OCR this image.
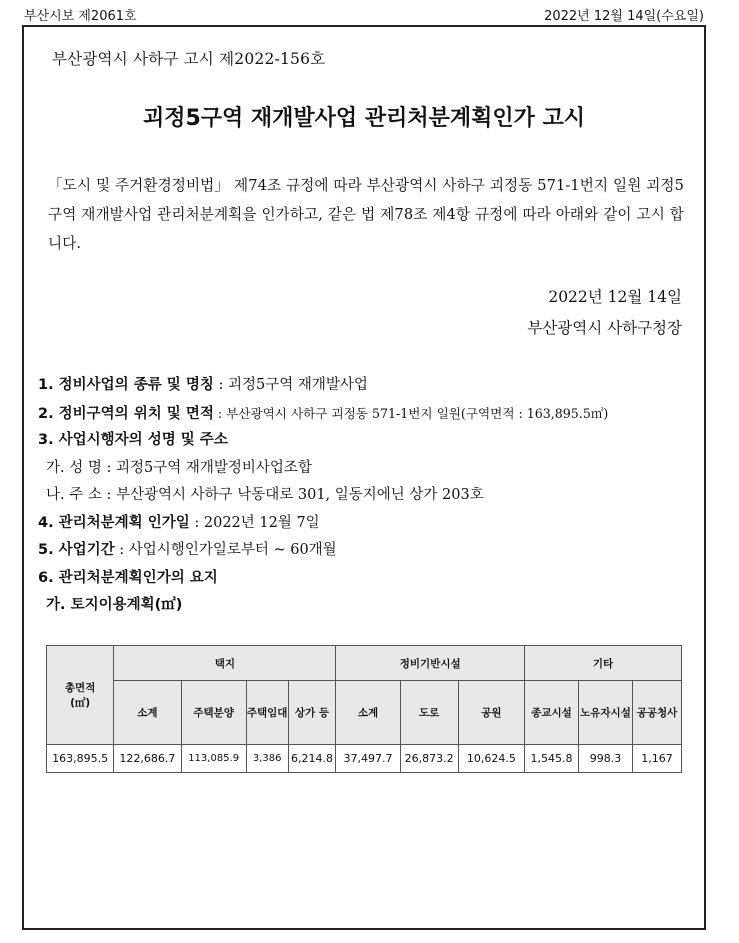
부산시보 제2061호	2022년 12월 14일(수요일)
부산광역시 사하구 고시 제2022-156호
괴정5구역 재개발사업 관리처분계획인가 고시
「도시 및 주거환경정비법」 제74조 규정에 따라 부산광역시 사하구 괴정동 571-1번지 일원 괴정5구역 재개발사업 관리처분계획을 인가하고, 같은 법 제78조 제4항 규정에 따라 아래와 같이 고시 합니다.
2022년 12월 14일
부산광역시 사하구청장
1. 정비사업의 종류 및 명칭 : 괴정5구역 재개발사업
2. 정비구역의 위치 및 면적 : 부산광역시 사하구 괴정동 571-1번지 일원(구역면적 : 163,895.5㎡)
3. 사업시행자의 성명 및 주소
가. 성 명 : 괴정5구역 재개발정비사업조합
나. 주 소 : 부산광역시 사하구 낙동대로 301, 일동지에닌 상가 203호
4. 관리처분계획 인가일 : 2022년 12월 7일
5. 사업기간 : 사업시행인가일로부터 ~ 60개월
6. 관리처분계획인가의 요지
가. 토지이용계획(㎡)
총면적
(㎡)	택지				정비기반시설			기타		
	소계	주택분양	주택임대	상가 등	소계	도로	공원	종교시설	노유자시설	공공청사
163,895.5	122,686.7	113,085.9	3,386	6,214.8	37,497.7	26,873.2	10,624.5	1,545.8	998.3	1,167
